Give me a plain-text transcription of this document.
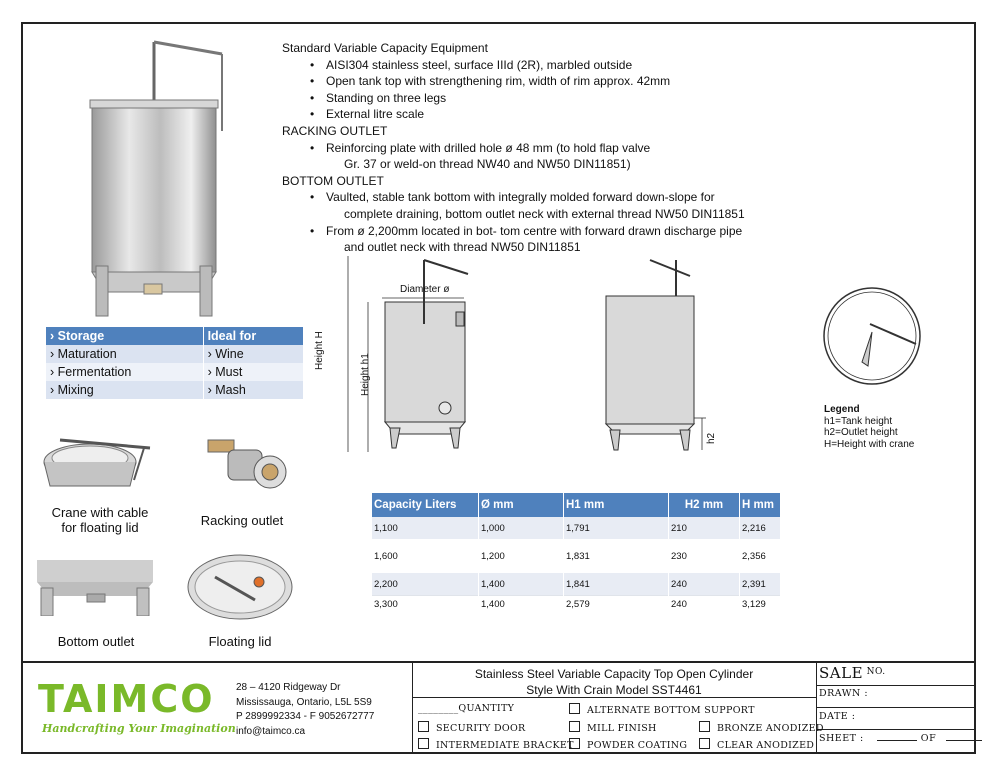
Standard Variable Capacity Equipment
• AISI304 stainless steel, surface IIId (2R), marbled outside
• Open tank top with strengthening rim, width of rim approx. 42mm
• Standing on three legs
• External litre scale
RACKING OUTLET
• Reinforcing plate with drilled hole ø 48 mm (to hold flap valve
Gr. 37 or weld-on thread NW40 and NW50 DIN11851)
BOTTOM OUTLET
• Vaulted, stable tank bottom with integrally molded forward down-slope for
complete draining, bottom outlet neck with external thread NW50 DIN11851
• From ø 2,200mm located in bot- tom centre with forward drawn discharge pipe
and outlet neck with thread NW50 DIN11851
› Storage	Ideal for
› Maturation	› Wine
› Fermentation	› Must
› Mixing	› Mash
Crane with cable
for floating lid	Racking outlet
Bottom outlet	Floating lid
Diameter ø
Height H
Height h1
h2
Legend
h1=Tank height
h2=Outlet height
H=Height with crane
Capacity Liters	Ø mm	H1 mm	H2 mm	H mm
1,100	1,000	1,791	210	2,216
1,600	1,200	1,831	230	2,356
2,200	1,400	1,841	240	2,391
3,300	1,400	2,579	240	3,129
TAIMCO
Handcrafting Your Imagination
28 – 4120 Ridgeway Dr
Mississauga, Ontario, L5L 5S9
P 2899992334 - F 9052672777
info@taimco.ca
Stainless Steel Variable Capacity Top Open Cylinder
Style With Crain Model SST4461
________QUANTITY	ALTERNATE BOTTOM SUPPORT
SECURITY DOOR	MILL FINISH	BRONZE ANODIZED
INTERMEDIATE BRACKET	POWDER COATING	CLEAR ANODIZED
SALE NO.
DRAWN :
DATE :
SHEET :	OF
